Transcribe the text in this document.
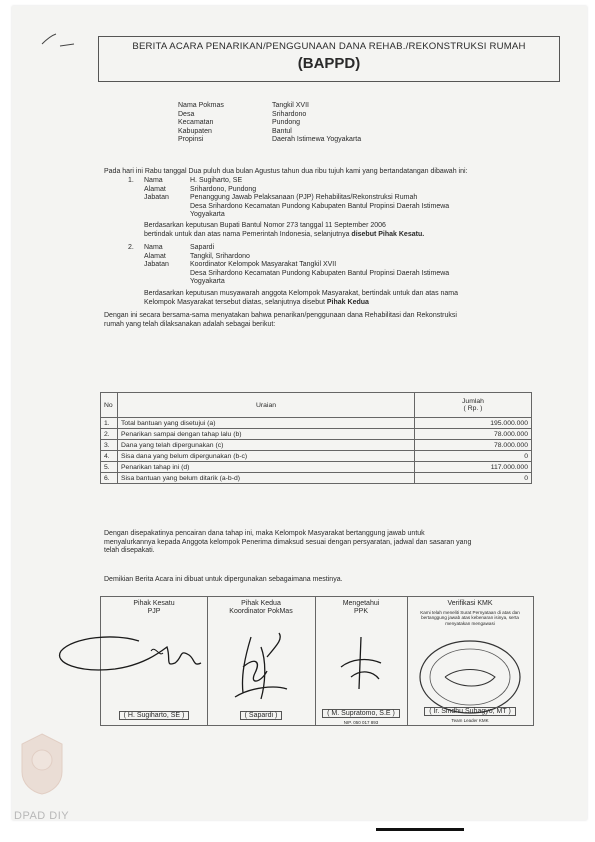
BERITA ACARA PENARIKAN/PENGGUNAAN DANA REHAB./REKONSTRUKSI RUMAH
(BAPPD)
Nama Pokmas	Tangkil XVII
Desa	Srihardono
Kecamatan	Pundong
Kabupaten	Bantul
Propinsi	Daerah Istimewa Yogyakarta
Pada hari ini Rabu tanggal Dua puluh dua bulan Agustus tahun dua ribu tujuh kami yang bertandatangan dibawah ini:
1. Nama	H. Sugiharto, SE
Alamat	Srihardono, Pundong
Jabatan	Penanggung Jawab Pelaksanaan (PJP) Rehabilitas/Rekonstruksi Rumah
Desa Srihardono Kecamatan Pundong Kabupaten Bantul Propinsi Daerah Istimewa
Yogyakarta
Berdasarkan keputusan Bupati Bantul Nomor 273 tanggal 11 September 2006
bertindak untuk dan atas nama Pemerintah Indonesia, selanjutnya disebut Pihak Kesatu.
2. Nama	Sapardi
Alamat	Tangkil, Srihardono
Jabatan	Koordinator Kelompok Masyarakat Tangkil XVII
Desa Srihardono Kecamatan Pundong Kabupaten Bantul Propinsi Daerah Istimewa
Yogyakarta
Berdasarkan keputusan musyawarah anggota Kelompok Masyarakat, bertindak untuk dan atas nama
Kelompok Masyarakat tersebut diatas, selanjutnya disebut Pihak Kedua
Dengan ini secara bersama-sama menyatakan bahwa penarikan/penggunaan dana Rehabilitasi dan Rekonstruksi
rumah yang telah dilaksanakan adalah sebagai berikut:
No	Uraian	Jumlah
( Rp. )

1.	Total bantuan yang disetujui (a)	195.000.000
2.	Penarikan sampai dengan tahap lalu (b)	78.000.000
3.	Dana yang telah dipergunakan (c)	78.000.000
4.	Sisa dana yang belum dipergunakan (b-c)	0
5.	Penarikan tahap ini (d)	117.000.000
6.	Sisa bantuan yang belum ditarik (a-b-d)	0
Dengan disepakatinya pencairan dana tahap ini, maka Kelompok Masyarakat bertanggung jawab untuk
menyalurkannya kepada Anggota kelompok Penerima dimaksud sesuai dengan persyaratan, jadwal dan sasaran yang
telah disepakati.
Demikian Berita Acara ini dibuat untuk dipergunakan sebagaimana mestinya.
Pihak Kesatu
PJP
( H. Sugiharto, SE )
Pihak Kedua
Koordinator PokMas
( Sapardi )
Mengetahui
PPK
( M. Supratomo, S.E )
NIP. 050 017 893
Verifikasi KMK
Kami telah meneliti Surat Pernyataan di atas dan bertanggung jawab atas kebenaran isinya, serta menyatakan mengawasi
( Ir. Sindhu Subagyo, MT )
Team Leader KMK
DPAD DIY
